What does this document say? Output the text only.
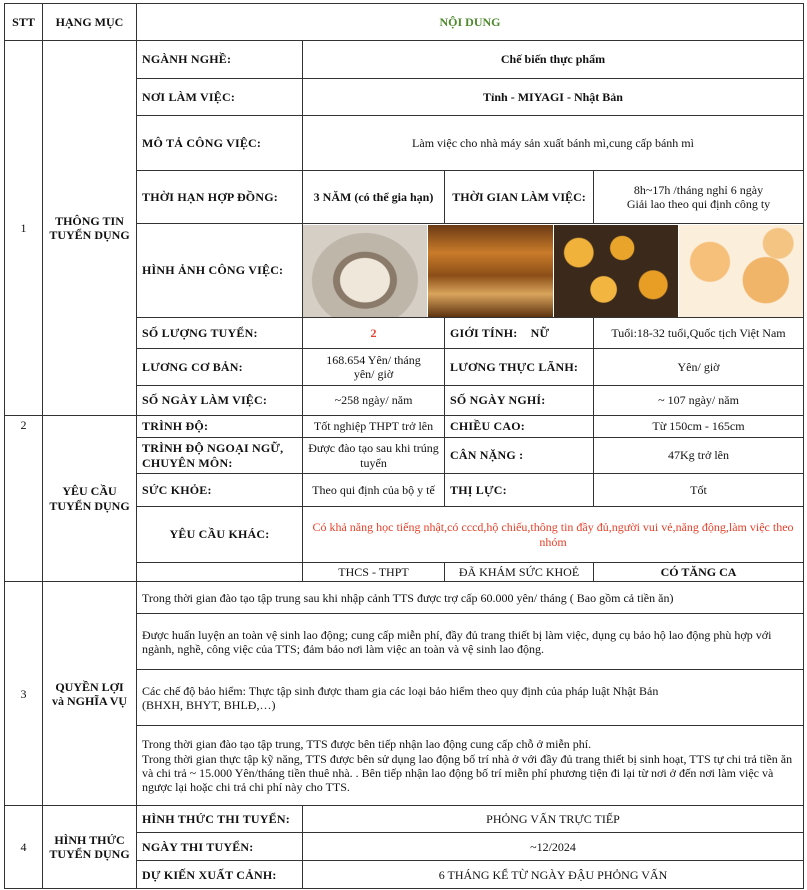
STT	HẠNG MỤC	NỘI DUNG			
1	THÔNG TIN TUYỂN DỤNG	NGÀNH NGHỀ:	Chế biến thực phẩm		
		NƠI LÀM VIỆC:	Tỉnh - MIYAGI - Nhật Bản		
		MÔ TẢ CÔNG VIỆC:	Làm việc cho nhà máy sản xuất bánh mì,cung cấp bánh mì		
		THỜI HẠN HỢP ĐỒNG:	3 NĂM (có thể gia hạn)	THỜI GIAN LÀM VIỆC:	8h~17h /tháng nghỉ 6 ngày
Giải lao theo qui định công ty

		HÌNH ẢNH CÔNG VIỆC:			

		SỐ LƯỢNG TUYỂN:	2	GIỚI TÍNH: NỮ	Tuổi:18-32 tuổi,Quốc tịch Việt Nam
		LƯƠNG CƠ BẢN:	168.654 Yên/ tháng
yên/ giờ	LƯƠNG THỰC LÃNH:	Yên/ giờ
		SỐ NGÀY LÀM VIỆC:	~258 ngày/ năm	SỐ NGÀY NGHỈ:	~ 107 ngày/ năm

2	YÊU CẦU TUYỂN DỤNG	TRÌNH ĐỘ:	Tốt nghiệp THPT trở lên	CHIỀU CAO:	Từ 150cm - 165cm
		TRÌNH ĐỘ NGOẠI NGỮ, CHUYÊN MÔN:	Được đào tạo sau khi trúng tuyển	CÂN NẶNG :	47Kg trở lên
		SỨC KHỎE:	Theo qui định của bộ y tế	THỊ LỰC:	Tốt
		YÊU CẦU KHÁC:	Có khả năng học tiếng nhật,có cccd,hộ chiếu,thông tin đầy đủ,người vui vẻ,năng động,làm việc theo nhóm		
			THCS - THPT	ĐÃ KHÁM SỨC KHOẺ	CÓ TĂNG CA
3	QUYỀN LỢI và NGHĨA VỤ	Trong thời gian đào tạo tập trung sau khi nhập cảnh TTS được trợ cấp 60.000 yên/ tháng ( Bao gồm cả tiền ăn)			
		Được huấn luyện an toàn vệ sinh lao động; cung cấp miễn phí, đầy đủ trang thiết bị làm việc, dụng cụ bảo hộ lao động phù hợp với ngành, nghề, công việc của TTS; đảm bảo nơi làm việc an toàn và vệ sinh lao động.			

		Các chế độ bảo hiểm: Thực tập sinh được tham gia các loại bảo hiểm theo quy định của pháp luật Nhật Bản
(BHXH, BHYT, BHLĐ,…)			

		Trong thời gian đào tạo tập trung, TTS được bên tiếp nhận lao động cung cấp chỗ ở miễn phí.
Trong thời gian thực tập kỹ năng, TTS được bên sử dụng lao động bố trí nhà ở với đầy đủ trang thiết bị sinh hoạt, TTS tự chi trả tiền ăn và chi trả ~ 15.000 Yên/tháng tiền thuê nhà. . Bên tiếp nhận lao động bố trí miễn phí phương tiện đi lại từ nơi ở đến nơi làm việc và ngược lại hoặc chi trả chi phí này cho TTS.			

4	HÌNH THỨC TUYỂN DỤNG	HÌNH THỨC THI TUYỂN:	PHỎNG VẤN TRỰC TIẾP		
		NGÀY THI TUYỂN:	~12/2024		
		DỰ KIẾN XUẤT CẢNH:	6 THÁNG KỂ TỪ NGÀY ĐẬU PHỎNG VẤN		
